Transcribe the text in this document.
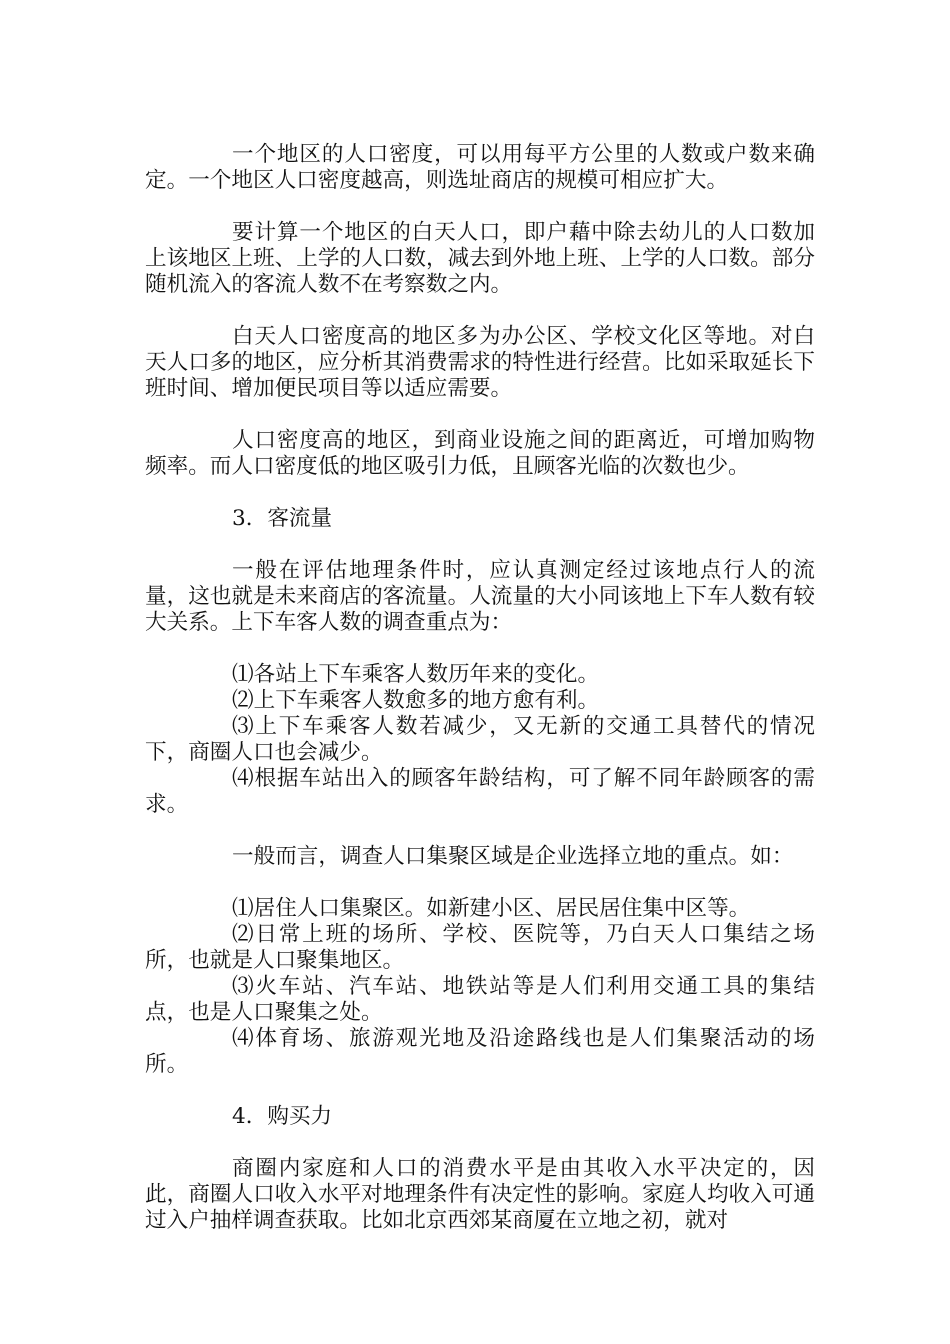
一个地区的人口密度，可以用每平方公里的人数或户数来确定。一个地区人口密度越高，则选址商店的规模可相应扩大。

要计算一个地区的白天人口，即户藉中除去幼儿的人口数加上该地区上班、上学的人口数，减去到外地上班、上学的人口数。部分随机流入的客流人数不在考察数之内。

白天人口密度高的地区多为办公区、学校文化区等地。对白天人口多的地区，应分析其消费需求的特性进行经营。比如采取延长下班时间、增加便民项目等以适应需要。

人口密度高的地区，到商业设施之间的距离近，可增加购物频率。而人口密度低的地区吸引力低，且顾客光临的次数也少。

3．客流量

一般在评估地理条件时，应认真测定经过该地点行人的流量，这也就是未来商店的客流量。人流量的大小同该地上下车人数有较大关系。上下车客人数的调查重点为：

⑴各站上下车乘客人数历年来的变化。

⑵上下车乘客人数愈多的地方愈有利。

⑶上下车乘客人数若减少，又无新的交通工具替代的情况下，商圈人口也会减少。

⑷根据车站出入的顾客年龄结构，可了解不同年龄顾客的需求。

一般而言，调查人口集聚区域是企业选择立地的重点。如：

⑴居住人口集聚区。如新建小区、居民居住集中区等。

⑵日常上班的场所、学校、医院等，乃白天人口集结之场所，也就是人口聚集地区。

⑶火车站、汽车站、地铁站等是人们利用交通工具的集结点，也是人口聚集之处。

⑷体育场、旅游观光地及沿途路线也是人们集聚活动的场所。

4．购买力

商圈内家庭和人口的消费水平是由其收入水平决定的，因此，商圈人口收入水平对地理条件有决定性的影响。家庭人均收入可通过入户抽样调查获取。比如北京西郊某商厦在立地之初，就对
